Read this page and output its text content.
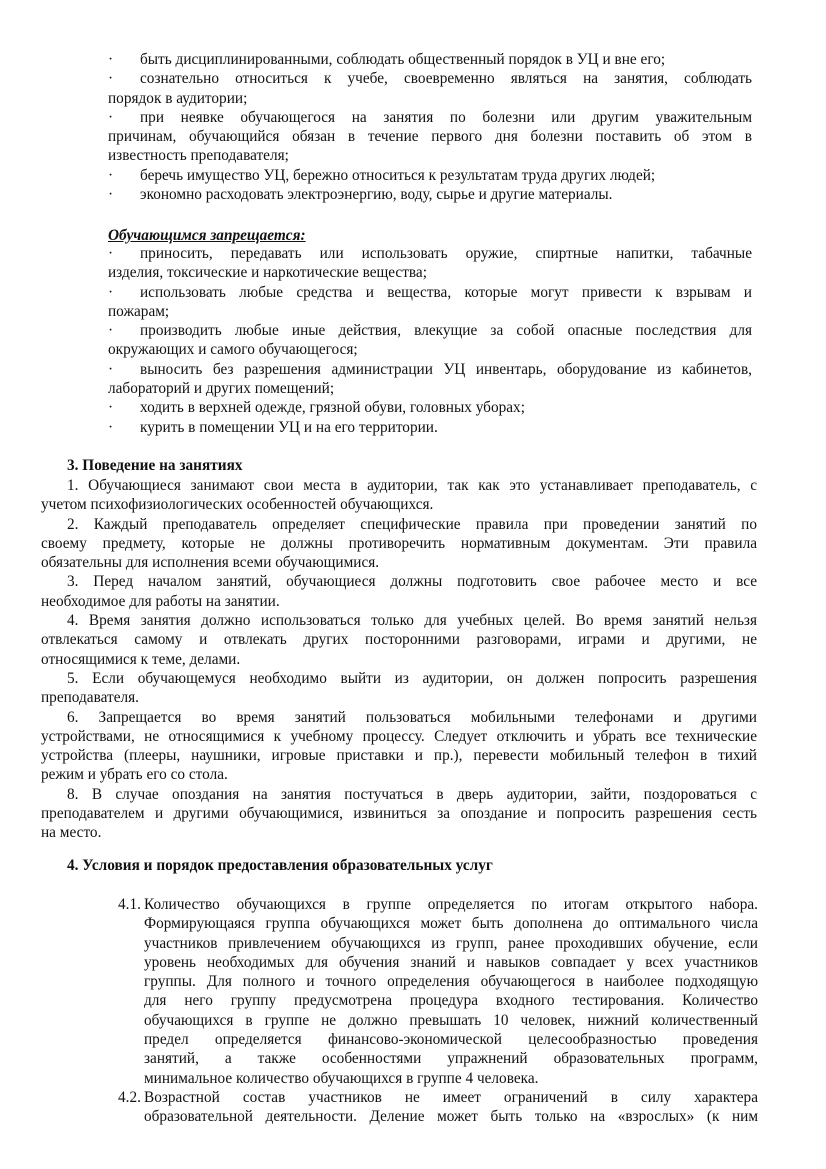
· быть дисциплинированными, соблюдать общественный порядок в УЦ и вне его;
· сознательно относиться к учебе, своевременно являться на занятия, соблюдать
порядок в аудитории;
· при неявке обучающегося на занятия по болезни или другим уважительным
причинам, обучающийся обязан в течение первого дня болезни поставить об этом в
известность преподавателя;
· беречь имущество УЦ, бережно относиться к результатам труда других людей;
· экономно расходовать электроэнергию, воду, сырье и другие материалы.

Обучающимся запрещается:

· приносить, передавать или использовать оружие, спиртные напитки, табачные
изделия, токсические и наркотические вещества;
· использовать любые средства и вещества, которые могут привести к взрывам и
пожарам;
· производить любые иные действия, влекущие за собой опасные последствия для
окружающих и самого обучающегося;
· выносить без разрешения администрации УЦ инвентарь, оборудование из кабинетов,
лабораторий и других помещений;
· ходить в верхней одежде, грязной обуви, головных уборах;
· курить в помещении УЦ и на его территории.

3. Поведение на занятиях

1. Обучающиеся занимают свои места в аудитории, так как это устанавливает преподаватель, с
учетом психофизиологических особенностей обучающихся.
2. Каждый преподаватель определяет специфические правила при проведении занятий по
своему предмету, которые не должны противоречить нормативным документам. Эти правила
обязательны для исполнения всеми обучающимися.
3. Перед началом занятий, обучающиеся должны подготовить свое рабочее место и все
необходимое для работы на занятии.
4. Время занятия должно использоваться только для учебных целей. Во время занятий нельзя
отвлекаться самому и отвлекать других посторонними разговорами, играми и другими, не
относящимися к теме, делами.
5. Если обучающемуся необходимо выйти из аудитории, он должен попросить разрешения
преподавателя.
6. Запрещается во время занятий пользоваться мобильными телефонами и другими
устройствами, не относящимися к учебному процессу. Следует отключить и убрать все технические
устройства (плееры, наушники, игровые приставки и пр.), перевести мобильный телефон в тихий
режим и убрать его со стола.
8. В случае опоздания на занятия постучаться в дверь аудитории, зайти, поздороваться с
преподавателем и другими обучающимися, извиниться за опоздание и попросить разрешения сесть
на место.

4. Условия и порядок предоставления образовательных услуг

4.1. Количество обучающихся в группе определяется по итогам открытого набора.
Формирующаяся группа обучающихся может быть дополнена до оптимального числа
участников привлечением обучающихся из групп, ранее проходивших обучение, если
уровень необходимых для обучения знаний и навыков совпадает у всех участников
группы. Для полного и точного определения обучающегося в наиболее подходящую
для него группу предусмотрена процедура входного тестирования. Количество
обучающихся в группе не должно превышать 10 человек, нижний количественный
предел определяется финансово-экономической целесообразностью проведения
занятий, а также особенностями упражнений образовательных программ,
минимальное количество обучающихся в группе 4 человека.
4.2. Возрастной состав участников не имеет ограничений в силу характера
образовательной деятельности. Деление может быть только на «взрослых» (к ним
